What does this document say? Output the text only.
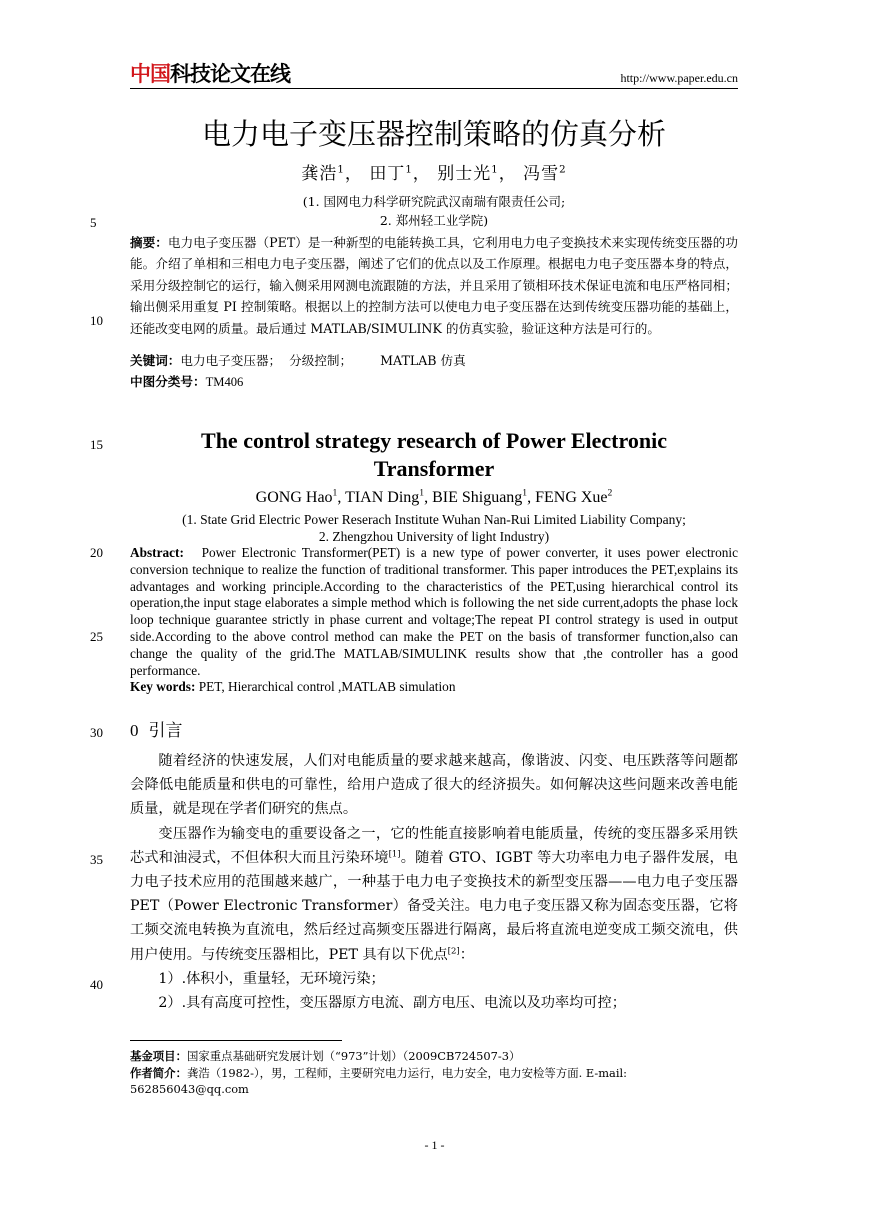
中国科技论文在线	http://www.paper.edu.cn
5
10
15
20
25
30
35
40
电力电子变压器控制策略的仿真分析
龚浩$^1$， 田丁$^1$， 别士光$^1$， 冯雪$^2$
(1. 国网电力科学研究院武汉南瑞有限责任公司;
2. 郑州轻工业学院)
摘要：电力电子变压器（PET）是一种新型的电能转换工具，它利用电力电子变换技术来实现传统变压器的功能。介绍了单相和三相电力电子变压器，阐述了它们的优点以及工作原理。根据电力电子变压器本身的特点，采用分级控制它的运行，输入侧采用网测电流跟随的方法，并且采用了锁相环技术保证电流和电压严格同相；输出侧采用重复 PI 控制策略。根据以上的控制方法可以使电力电子变压器在达到传统变压器功能的基础上，还能改变电网的质量。最后通过 MATLAB/SIMULINK 的仿真实验，验证这种方法是可行的。
关键词：电力电子变压器； 分级控制； MATLAB 仿真
中图分类号：TM406
The control strategy research of Power Electronic
Transformer
GONG Hao$^1$, TIAN Ding$^1$, BIE Shiguang$^1$, FENG Xue$^2$
(1. State Grid Electric Power Reserach Institute Wuhan Nan-Rui Limited Liability Company;
2. Zhengzhou University of light Industry)
Abstract: Power Electronic Transformer(PET) is a new type of power converter, it uses power electronic conversion technique to realize the function of traditional transformer. This paper introduces the PET,explains its advantages and working principle.According to the characteristics of the PET,using hierarchical control its operation,the input stage elaborates a simple method which is following the net side current,adopts the phase lock loop technique guarantee strictly in phase current and voltage;The repeat PI control strategy is used in output side.According to the above control method can make the PET on the basis of transformer function,also can change the quality of the grid.The MATLAB/SIMULINK results show that ,the controller has a good performance.
Key words: PET, Hierarchical control ,MATLAB simulation
0 引言

随着经济的快速发展，人们对电能质量的要求越来越高，像谐波、闪变、电压跌落等问题都会降低电能质量和供电的可靠性，给用户造成了很大的经济损失。如何解决这些问题来改善电能质量，就是现在学者们研究的焦点。

变压器作为输变电的重要设备之一，它的性能直接影响着电能质量，传统的变压器多采用铁芯式和油浸式，不但体积大而且污染环境[1]。随着 GTO、IGBT 等大功率电力电子器件发展，电力电子技术应用的范围越来越广，一种基于电力电子变换技术的新型变压器——电力电子变压器 PET（Power Electronic Transformer）备受关注。电力电子变压器又称为固态变压器，它将工频交流电转换为直流电，然后经过高频变压器进行隔离，最后将直流电逆变成工频交流电，供用户使用。与传统变压器相比，PET 具有以下优点[2]：

1）.体积小，重量轻，无环境污染；
2）.具有高度可控性，变压器原方电流、副方电压、电流以及功率均可控；
基金项目：国家重点基础研究发展计划（“973”计划）（2009CB724507-3）
作者简介：龚浩（1982-），男，工程师，主要研究电力运行，电力安全，电力安检等方面. E-mail: 562856043@qq.com
- 1 -
